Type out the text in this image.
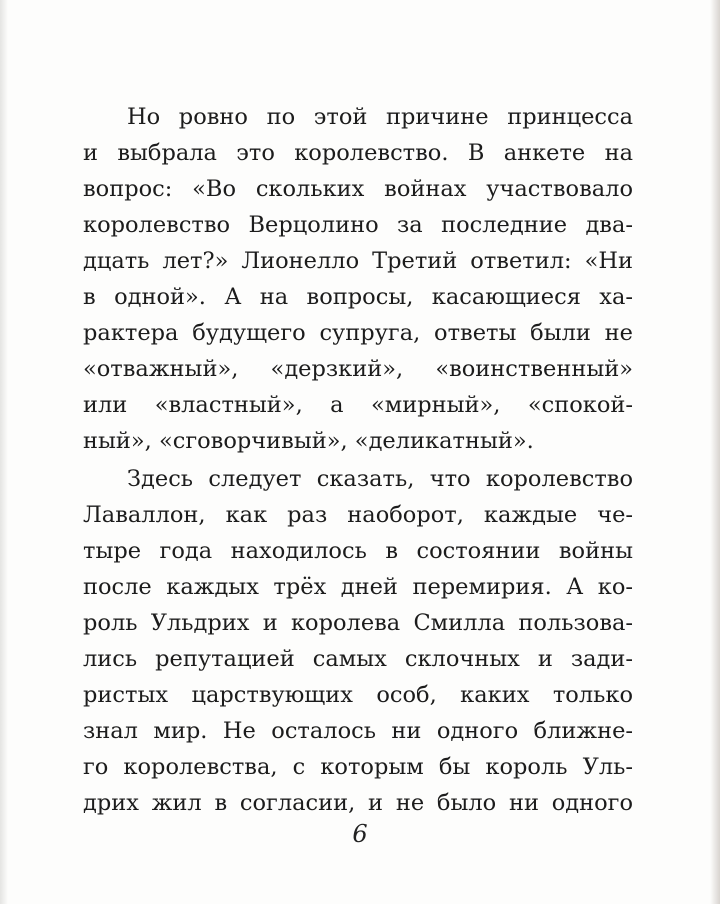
Но ровно по этой причине принцесса
и выбрала это королевство. В анкете на
вопрос: «Во скольких войнах участвовало
королевство Верцолино за последние два-
дцать лет?» Лионелло Третий ответил: «Ни
в одной». А на вопросы, касающиеся ха-
рактера будущего супруга, ответы были не
«отважный», «дерзкий», «воинственный»
или «властный», а «мирный», «спокой-
ный», «сговорчивый», «деликатный».
Здесь следует сказать, что королевство
Лаваллон, как раз наоборот, каждые че-
тыре года находилось в состоянии войны
после каждых трёх дней перемирия. А ко-
роль Ульдрих и королева Смилла пользова-
лись репутацией самых склочных и зади-
ристых царствующих особ, каких только
знал мир. Не осталось ни одного ближне-
го королевства, с которым бы король Уль-
дрих жил в согласии, и не было ни одного
6
